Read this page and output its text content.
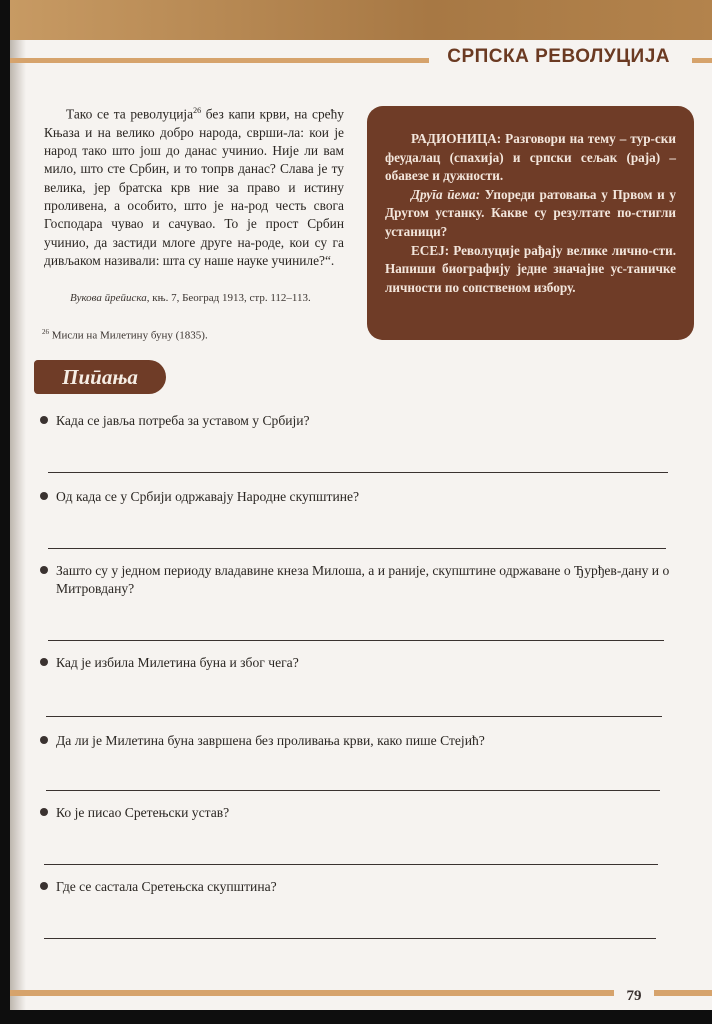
СРПСКА РЕВОЛУЦИЈА
Тако се та револуција$^{26}$ без капи крви, на срећу Књаза и на велико добро народа, сврши-ла: кои је народ тако што још до данас учинио. Није ли вам мило, што сте Србин, и то топрв данас? Слава је ту велика, јер братска крв ние за право и истину проливена, а особито, што је на-род честь свога Господара чувао и сачувао. То је прост Србин учинио, да застиди млоге друге на-роде, кои су га дивљаком називали: шта су наше науке учиниле?“.
Вукова ӣреӣиска, књ. 7, Београд 1913, стр. 112–113.
$^{26}$ Мисли на Милетину буну (1835).

РАДИОНИЦА: Разговори на тему – тур-ски феудалац (спахија) и српски сељак (раја) – обавезе и дужности.

Друīа ӣема: Упореди ратовања у Првом и у Другом устанку. Какве су резултате по-стигли устаници?

ЕСЕЈ: Револуције рађају велике лично-сти. Напиши биографију једне значајне ус-таничке личности по сопственом избору.

Пиӣања
Када се јавља потреба за уставом у Србији?
Од када се у Србији одржавају Народне скупштине?
Зашто су у једном периоду владавине кнеза Милоша, а и раније, скупштине одржаване о Ђурђев-дану и о Митровдану?
Кад је избила Милетина буна и због чега?
Да ли је Милетина буна завршена без проливања крви, како пише Стејић?
Ко је писао Сретењски устав?
Где се састала Сретењска скупштина?
79
